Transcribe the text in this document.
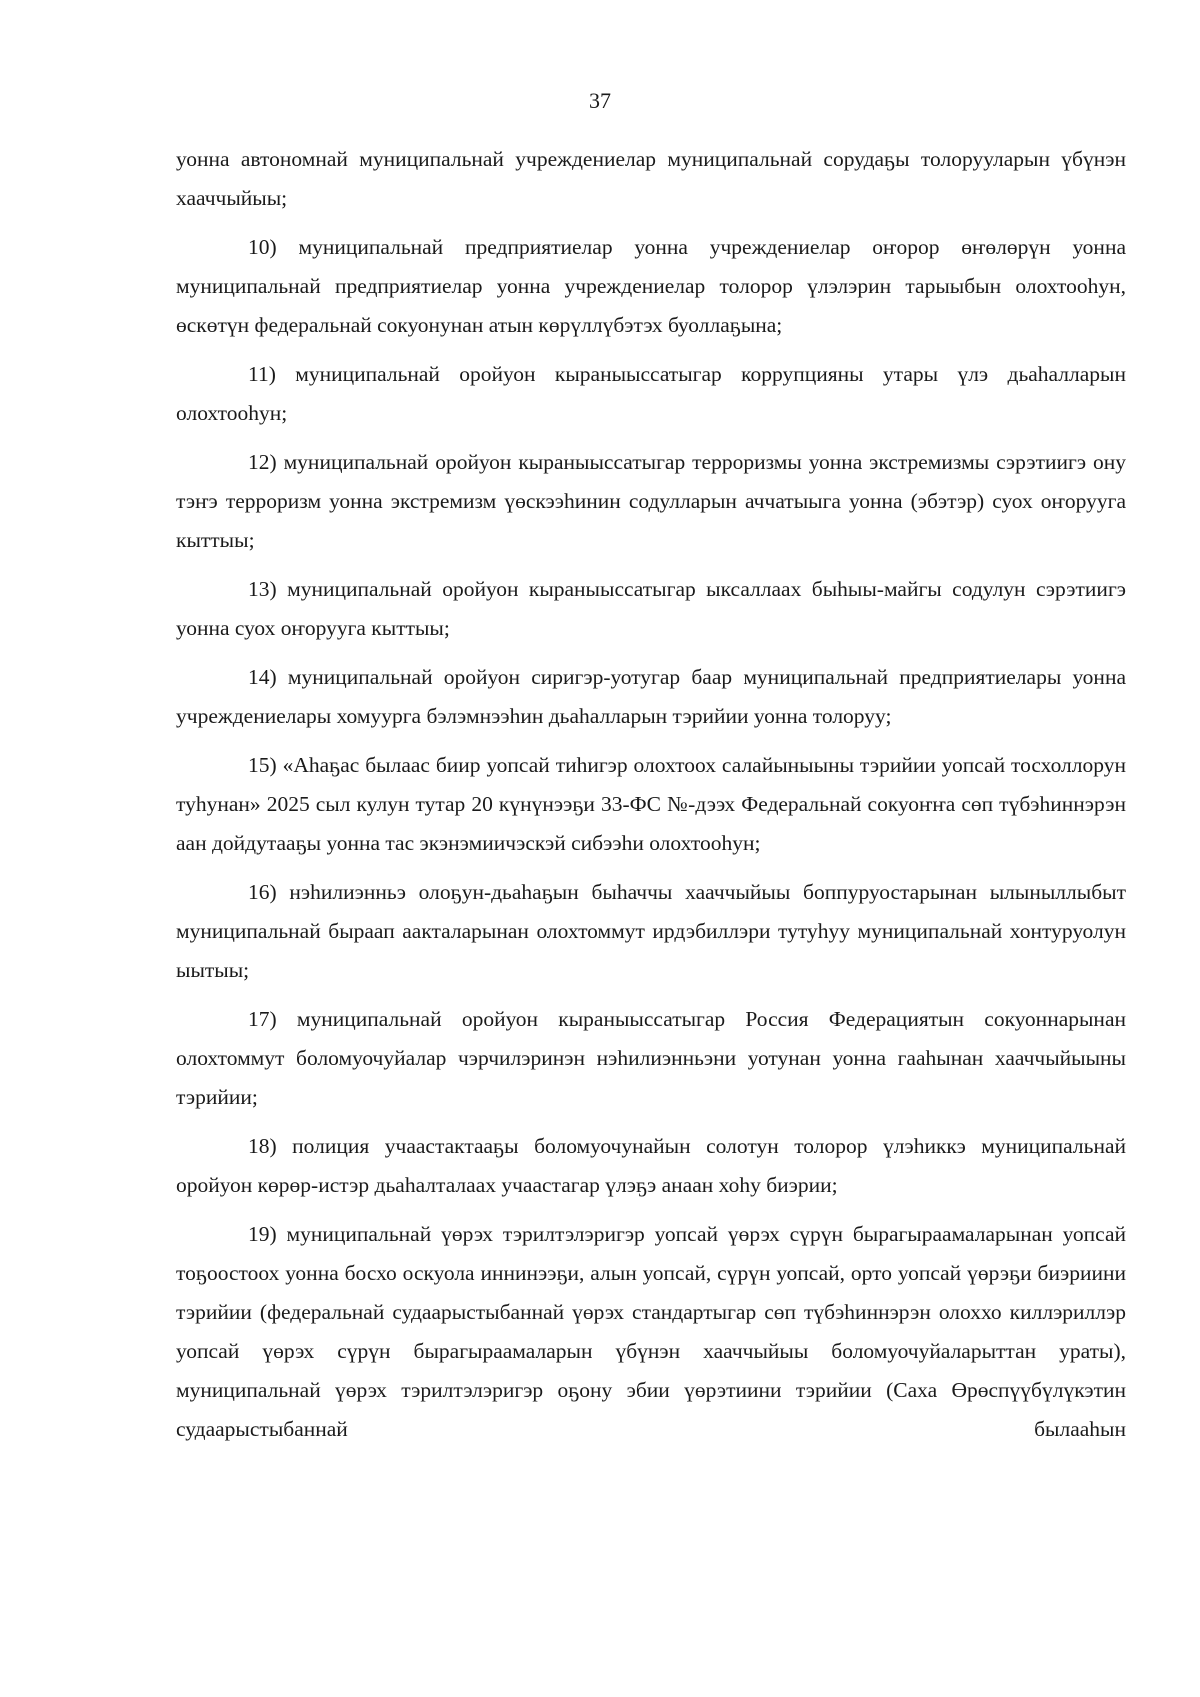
37

уонна автономнай муниципальнай учреждениелар муниципальнай сорудаҕы толорууларын үбүнэн хааччыйыы;

10) муниципальнай предприятиелар уонна учреждениелар оҥорор өҥөлөрүн уонна муниципальнай предприятиелар уонна учреждениелар толорор үлэлэрин тарыыбын олохтооһун, өскөтүн федеральнай сокуонунан атын көрүллүбэтэх буоллаҕына;

11) муниципальнай оройуон кыраныыссатыгар коррупцияны утары үлэ дьаһалларын олохтооһун;

12) муниципальнай оройуон кыраныыссатыгар терроризмы уонна экстремизмы сэрэтиигэ ону тэҥэ терроризм уонна экстремизм үөскээһинин содулларын аччатыыга уонна (эбэтэр) суох оҥорууга кыттыы;

13) муниципальнай оройуон кыраныыссатыгар ыксаллаах быһыы-майгы содулун сэрэтиигэ уонна суох оҥорууга кыттыы;

14) муниципальнай оройуон сиригэр-уотугар баар муниципальнай предприятиелары уонна учреждениелары хомуурга бэлэмнээһин дьаһалларын тэрийии уонна толоруу;

15) «Аһаҕас былаас биир уопсай тиһигэр олохтоох салайыныыны тэрийии уопсай тосхоллорун туһунан» 2025 сыл кулун тутар 20 күнүнээҕи 33-ФС №-дээх Федеральнай сокуоҥҥа сөп түбэһиннэрэн аан дойдутааҕы уонна тас экэнэмиичэскэй сибээһи олохтооһун;

16) нэһилиэнньэ олоҕун-дьаһаҕын быһаччы хааччыйыы боппуруостарынан ылыныллыбыт муниципальнай быраап аакталарынан олохтоммут ирдэбиллэри тутуһуу муниципальнай хонтуруолун ыытыы;

17) муниципальнай оройуон кыраныыссатыгар Россия Федерациятын сокуоннарынан олохтоммут боломуочуйалар чэрчилэринэн нэһилиэнньэни уотунан уонна гааһынан хааччыйыыны тэрийии;

18) полиция учаастактааҕы боломуочунайын солотун толорор үлэһиккэ муниципальнай оройуон көрөр-истэр дьаһалталаах учаастагар үлэҕэ анаан хоһу биэрии;

19) муниципальнай үөрэх тэрилтэлэригэр уопсай үөрэх сүрүн бырагыраамаларынан уопсай тоҕоостоох уонна босхо оскуола иннинээҕи, алын уопсай, сүрүн уопсай, орто уопсай үөрэҕи биэриини тэрийии (федеральнай судаарыстыбаннай үөрэх стандартыгар сөп түбэһиннэрэн олоххо киллэриллэр уопсай үөрэх сүрүн бырагыраамаларын үбүнэн хааччыйыы боломуочуйаларыттан ураты), муниципальнай үөрэх тэрилтэлэригэр оҕону эбии үөрэтиини тэрийии (Саха Өрөспүүбүлүкэтин судаарыстыбаннай былааһын
